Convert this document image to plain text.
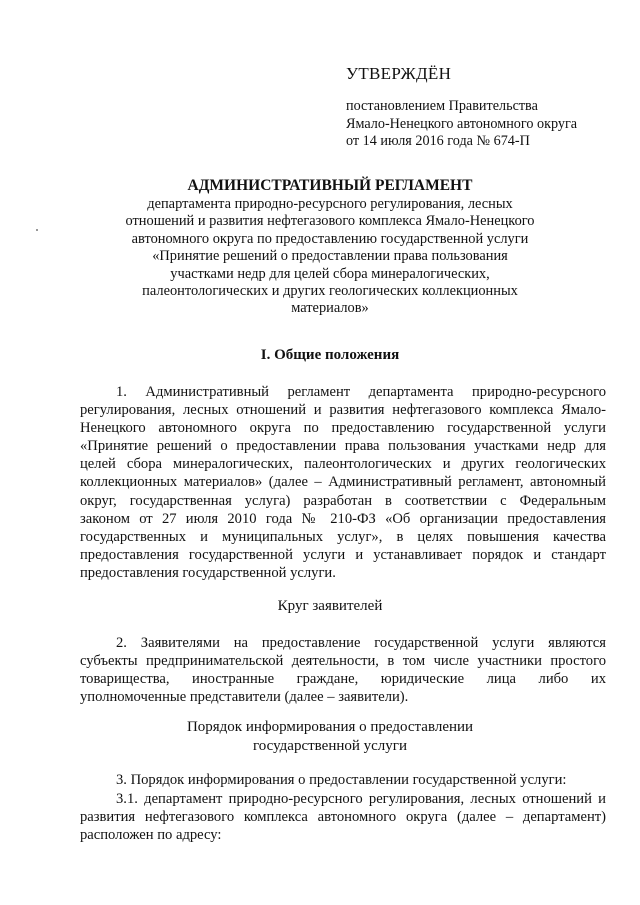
УТВЕРЖДЁН

постановлением Правительства

Ямало-Ненецкого автономного округа

от 14 июля 2016 года № 674-П

АДМИНИСТРАТИВНЫЙ РЕГЛАМЕНТ

департамента природно-ресурсного регулирования, лесных

отношений и развития нефтегазового комплекса Ямало-Ненецкого

автономного округа по предоставлению государственной услуги

«Принятие решений о предоставлении права пользования

участками недр для целей сбора минералогических,

палеонтологических и других геологических коллекционных

материалов»

I. Общие положения

1. Административный регламент департамента природно-ресурсного
регулирования, лесных отношений и развития нефтегазового комплекса Ямало-
Ненецкого автономного округа по предоставлению государственной услуги
«Принятие решений о предоставлении права пользования участками недр для
целей сбора минералогических, палеонтологических и других геологических
коллекционных материалов» (далее – Административный регламент, автономный
округ, государственная услуга) разработан в соответствии с Федеральным
законом от 27 июля 2010 года № 210-ФЗ «Об организации предоставления
государственных и муниципальных услуг», в целях повышения качества
предоставления государственной услуги и устанавливает порядок и стандарт
предоставления государственной услуги.

Круг заявителей

2. Заявителями на предоставление государственной услуги являются
субъекты предпринимательской деятельности, в том числе участники простого
товарищества, иностранные граждане, юридические лица либо их
уполномоченные представители (далее – заявители).

Порядок информирования о предоставлении
государственной услуги

3. Порядок информирования о предоставлении государственной услуги:
3.1. департамент природно-ресурсного регулирования, лесных отношений и
развития нефтегазового комплекса автономного округа (далее – департамент)
расположен по адресу:
